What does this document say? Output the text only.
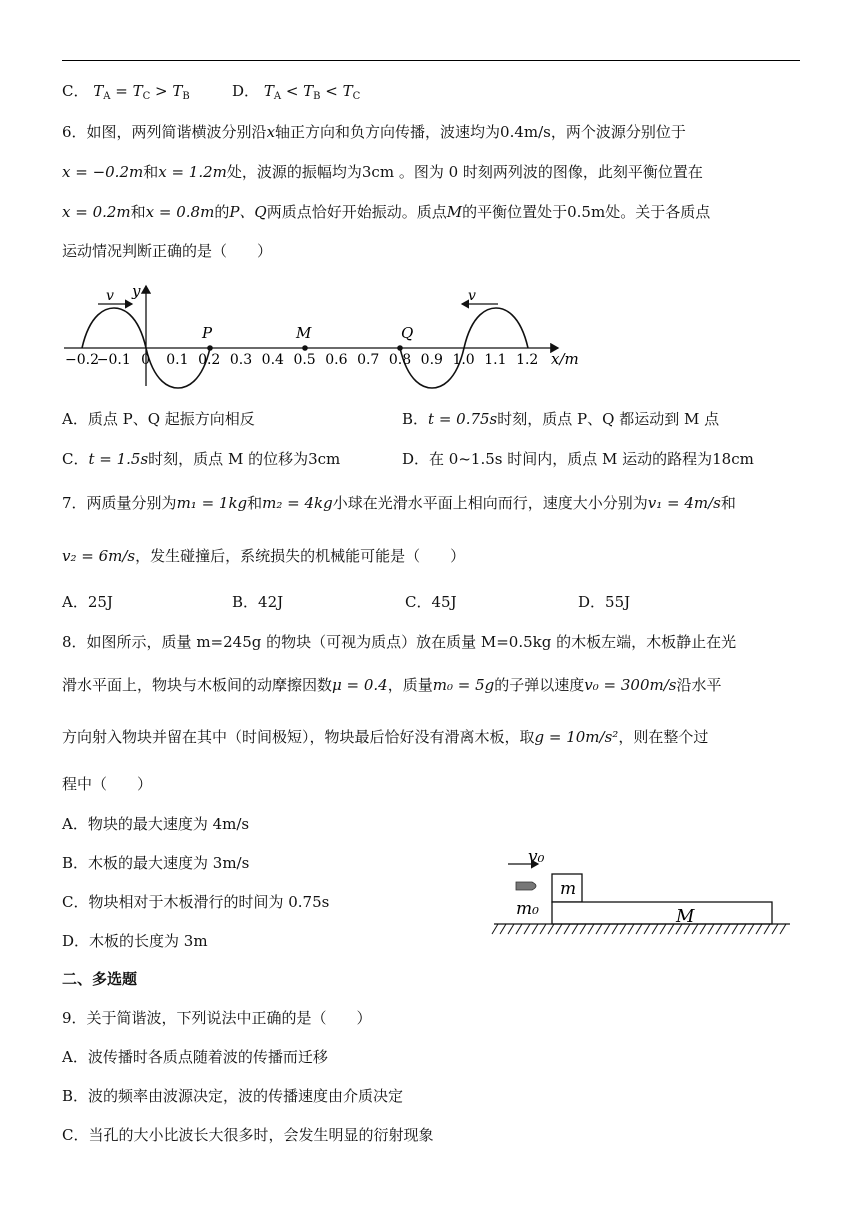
C． $T_A = T_C > T_B$	D． $T_A < T_B < T_C$
6．如图，两列简谐横波分别沿x轴正方向和负方向传播，波速均为0.4m/s，两个波源分别位于
x = −0.2m和x = 1.2m处，波源的振幅均为3cm 。图为 0 时刻两列波的图像，此刻平衡位置在
x = 0.2m和x = 0.8m的P、Q两质点恰好开始振动。质点M的平衡位置处于0.5m处。关于各质点
运动情况判断正确的是（　　）
y
v	v
P	M	Q
−0.2
−0.1 0 0.1 0.2 0.3 0.4 0.5 0.6 0.7 0.8 0.9 1.0 1.1 1.2 x/m
A．质点 P、Q 起振方向相反	B．t = 0.75s时刻，质点 P、Q 都运动到 M 点
C．t = 1.5s时刻，质点 M 的位移为3cm	D．在 0~1.5s 时间内，质点 M 运动的路程为18cm
7．两质量分别为m₁ = 1kg和m₂ = 4kg小球在光滑水平面上相向而行，速度大小分别为v₁ = 4m/s和
v₂ = 6m/s，发生碰撞后，系统损失的机械能可能是（　　）
A．25J	B．42J	C．45J	D．55J
8．如图所示，质量 m=245g 的物块（可视为质点）放在质量 M=0.5kg 的木板左端，木板静止在光
滑水平面上，物块与木板间的动摩擦因数μ = 0.4，质量m₀ = 5g的子弹以速度v₀ = 300m/s沿水平
方向射入物块并留在其中（时间极短），物块最后恰好没有滑离木板，取g = 10m/s²，则在整个过
程中（　　）
A．物块的最大速度为 4m/s
B．木板的最大速度为 3m/s
C．物块相对于木板滑行的时间为 0.75s
D．木板的长度为 3m
v₀
m₀
m
M
二、多选题
9．关于简谐波，下列说法中正确的是（　　）
A．波传播时各质点随着波的传播而迁移
B．波的频率由波源决定，波的传播速度由介质决定
C．当孔的大小比波长大很多时，会发生明显的衍射现象
